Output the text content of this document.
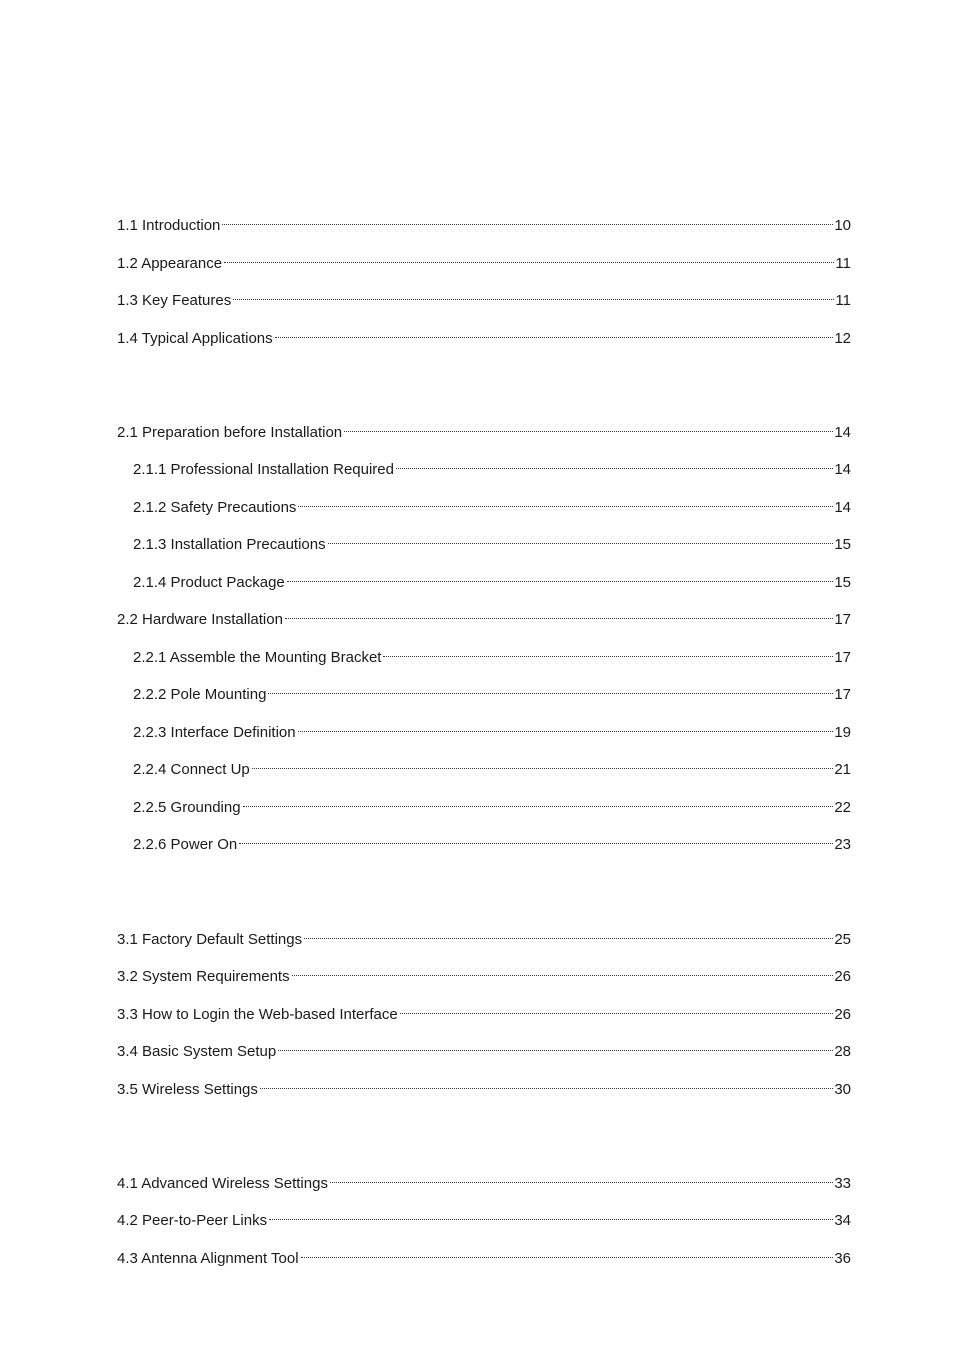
1.1 Introduction	10
1.2 Appearance	11
1.3 Key Features	11
1.4 Typical Applications	12
2.1 Preparation before Installation	14
2.1.1 Professional Installation Required	14
2.1.2 Safety Precautions	14
2.1.3 Installation Precautions	15
2.1.4 Product Package	15
2.2 Hardware Installation	17
2.2.1 Assemble the Mounting Bracket	17
2.2.2 Pole Mounting	17
2.2.3 Interface Definition	19
2.2.4 Connect Up	21
2.2.5 Grounding	22
2.2.6 Power On	23
3.1 Factory Default Settings	25
3.2 System Requirements	26
3.3 How to Login the Web-based Interface	26
3.4 Basic System Setup	28
3.5 Wireless Settings	30
4.1 Advanced Wireless Settings	33
4.2 Peer-to-Peer Links	34
4.3 Antenna Alignment Tool	36
